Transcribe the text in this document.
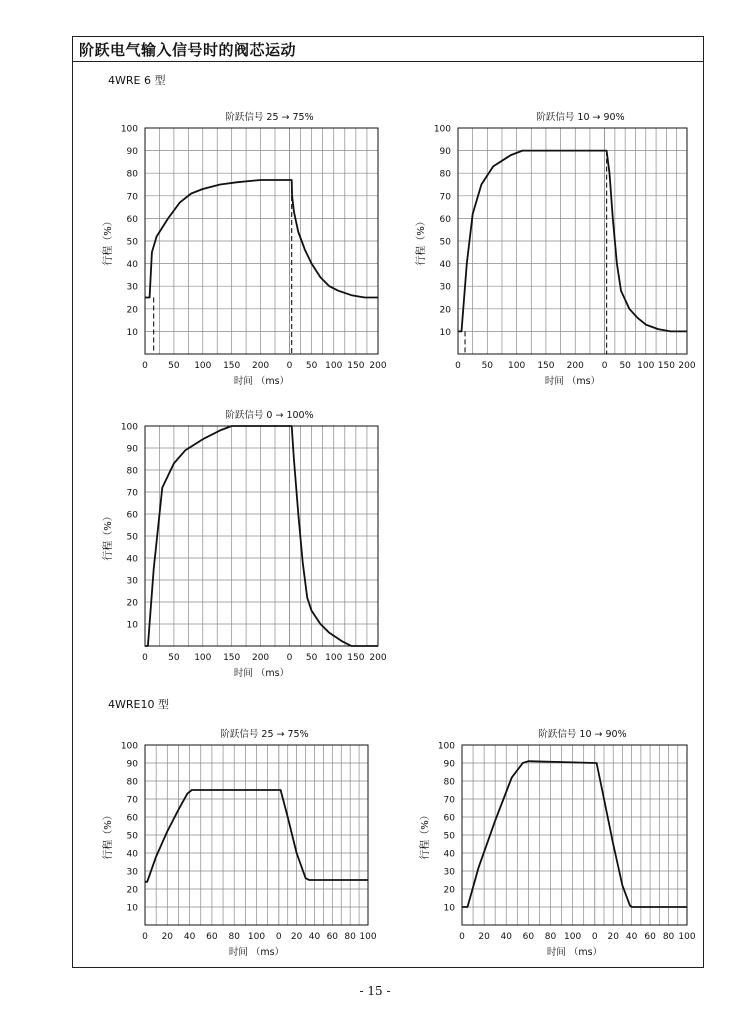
阶跃电气输入信号时的阀芯运动
4WRE 6 型
4WRE10 型
阶跃信号 25 → 75%
10
20
30
40
50
60
70
80
90
100
行程（%）
0 50 100 150 200 0 50 100 150 200
时间 （ms）
阶跃信号 10 → 90%
10
20
30
40
50
60
70
80
90
100
行程（%）
0 50 100 150 200 0 50 100 150 200
时间 （ms）
阶跃信号 0 → 100%
10
20
30
40
50
60
70
80
90
100
行程（%）
0 50 100 150 200 0 50 100 150 200
时间 （ms）
阶跃信号 25 → 75%
10
20
30
40
50
60
70
80
90
100
行程（%）
0 20 40 60 80 100 0 20 40 60 80 100
时间 （ms）
阶跃信号 10 → 90%
10
20
30
40
50
60
70
80
90
100
行程（%）
0 20 40 60 80 100 0 20 40 60 80 100
时间 （ms）
- 15 -
